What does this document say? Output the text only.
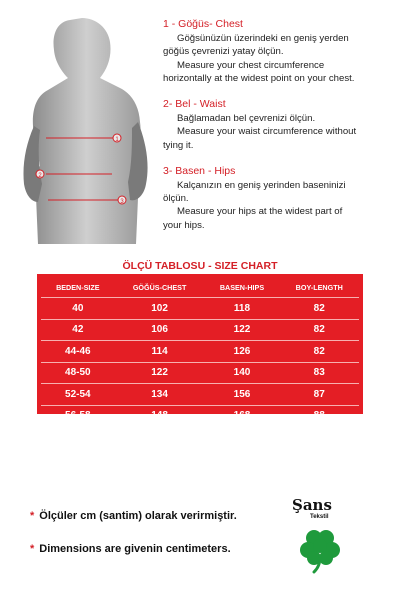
1
2
3
1 - Göğüs- Chest
Göğsünüzün üzerindeki en geniş yerden
göğüs çevrenizi yatay ölçün.
Measure your chest circumference
horizontally at the widest point on your chest.
2- Bel - Waist
Bağlamadan bel çevrenizi ölçün.
Measure your waist circumference without
tying it.
3- Basen - Hips
Kalçanızın en geniş yerinden baseninizi
ölçün.
Measure your hips at the widest part of
your hips.
ÖLÇÜ TABLOSU - SIZE CHART
BEDEN-SIZE	GÖĞÜS-CHEST	BASEN-HIPS	BOY-LENGTH
40	102	118	82
42	106	122	82
44-46	114	126	82
48-50	122	140	83
52-54	134	156	87
56-58	148	168	88
* Ölçüler cm (santim) olarak verirmiştir.
* Dimensions are givenin centimeters.
Şans
Tekstil
